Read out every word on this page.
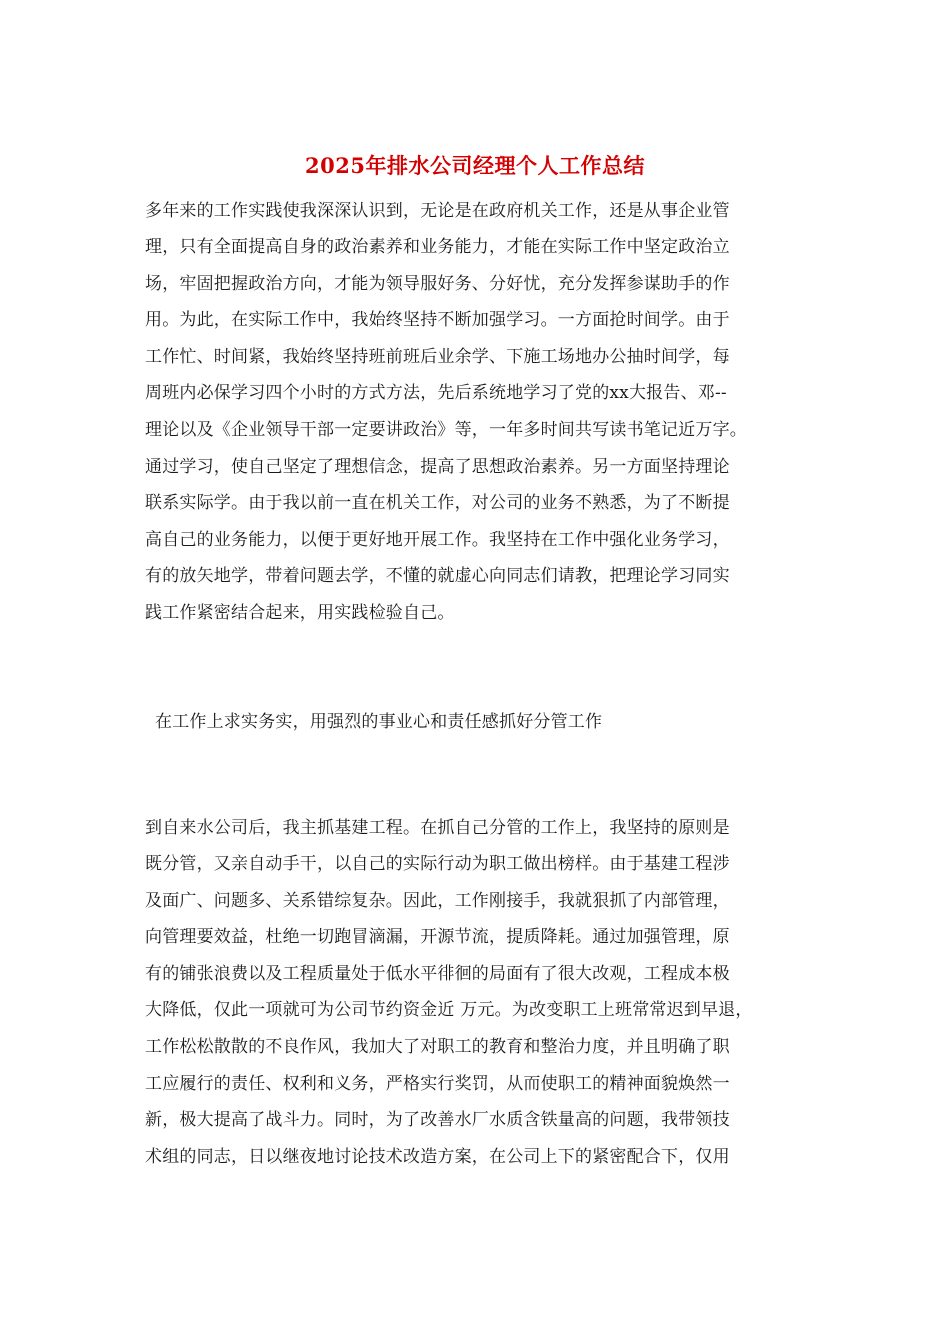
2025年排水公司经理个人工作总结
多年来的工作实践使我深深认识到，无论是在政府机关工作，还是从事企业管
理，只有全面提高自身的政治素养和业务能力，才能在实际工作中坚定政治立
场，牢固把握政治方向，才能为领导服好务、分好忧，充分发挥参谋助手的作
用。为此，在实际工作中，我始终坚持不断加强学习。一方面抢时间学。由于
工作忙、时间紧，我始终坚持班前班后业余学、下施工场地办公抽时间学，每
周班内必保学习四个小时的方式方法，先后系统地学习了党的xx大报告、邓--
理论以及《企业领导干部一定要讲政治》等，一年多时间共写读书笔记近万字。
通过学习，使自己坚定了理想信念，提高了思想政治素养。另一方面坚持理论
联系实际学。由于我以前一直在机关工作，对公司的业务不熟悉，为了不断提
高自己的业务能力，以便于更好地开展工作。我坚持在工作中强化业务学习，
有的放矢地学，带着问题去学，不懂的就虚心向同志们请教，把理论学习同实
践工作紧密结合起来，用实践检验自己。
在工作上求实务实，用强烈的事业心和责任感抓好分管工作
到自来水公司后，我主抓基建工程。在抓自己分管的工作上，我坚持的原则是
既分管，又亲自动手干，以自己的实际行动为职工做出榜样。由于基建工程涉
及面广、问题多、关系错综复杂。因此，工作刚接手，我就狠抓了内部管理，
向管理要效益，杜绝一切跑冒滴漏，开源节流，提质降耗。通过加强管理，原
有的铺张浪费以及工程质量处于低水平徘徊的局面有了很大改观，工程成本极
大降低，仅此一项就可为公司节约资金近 万元。为改变职工上班常常迟到早退，
工作松松散散的不良作风，我加大了对职工的教育和整治力度，并且明确了职
工应履行的责任、权利和义务，严格实行奖罚，从而使职工的精神面貌焕然一
新，极大提高了战斗力。同时，为了改善水厂水质含铁量高的问题，我带领技
术组的同志，日以继夜地讨论技术改造方案，在公司上下的紧密配合下，仅用
